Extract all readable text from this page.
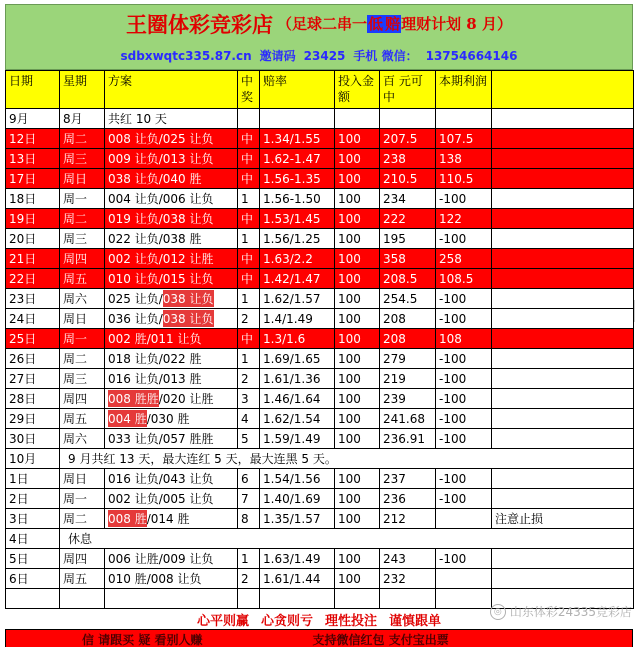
王圈体彩竞彩店 （足球二串一低 赔理财计划 8 月）
sdbxwqtc335.87.cn 邀请码 23425 手机 微信： 13754664146
日期	星期	方案	中奖	赔率	投入金额	百 元可中	本期利润	
9月	8月	共红 10 天						
12日	周二	008 让负/025 让负	中	1.34/1.55	100	207.5	107.5	
13日	周三	009 让负/013 让负	中	1.62-1.47	100	238	138	
17日	周日	038 让负/040 胜	中	1.56-1.35	100	210.5	110.5	
18日	周一	004 让负/006 让负	1	1.56-1.50	100	234	-100	
19日	周二	019 让负/038 让负	中	1.53/1.45	100	222	122	
20日	周三	022 让负/038 胜	1	1.56/1.25	100	195	-100	
21日	周四	002 让负/012 让胜	中	1.63/2.2	100	358	258	
22日	周五	010 让负/015 让负	中	1.42/1.47	100	208.5	108.5	
23日	周六	025 让负/038 让负	1	1.62/1.57	100	254.5	-100	
24日	周日	036 让负/038 让负	2	1.4/1.49	100	208	-100	
25日	周一	002 胜/011 让负	中	1.3/1.6	100	208	108	
26日	周二	018 让负/022 胜	1	1.69/1.65	100	279	-100	
27日	周三	016 让负/013 胜	2	1.61/1.36	100	219	-100	
28日	周四	008 胜胜/020 让胜	3	1.46/1.64	100	239	-100	
29日	周五	004 胜/030 胜	4	1.62/1.54	100	241.68	-100	
30日	周六	033 让负/057 胜胜	5	1.59/1.49	100	236.91	-100	
10月	9 月共红 13 天，最大连红 5 天，最大连黑 5 天。							
1日	周日	016 让负/043 让负	6	1.54/1.56	100	237	-100	
2日	周一	002 让负/005 让负	7	1.40/1.69	100	236	-100	
3日	周二	008 胜/014 胜	8	1.35/1.57	100	212		注意止损
4日	休息							
5日	周四	006 让胜/009 让负	1	1.63/1.49	100	243	-100	
6日	周五	010 胜/008 让负	2	1.61/1.44	100	232		

心平则赢 心贪则亏 理性投注 谨慎跟单
信 请跟买 疑 看别人赚	支持微信红包 支付宝出票
◎ 山东体彩24335竞彩店
